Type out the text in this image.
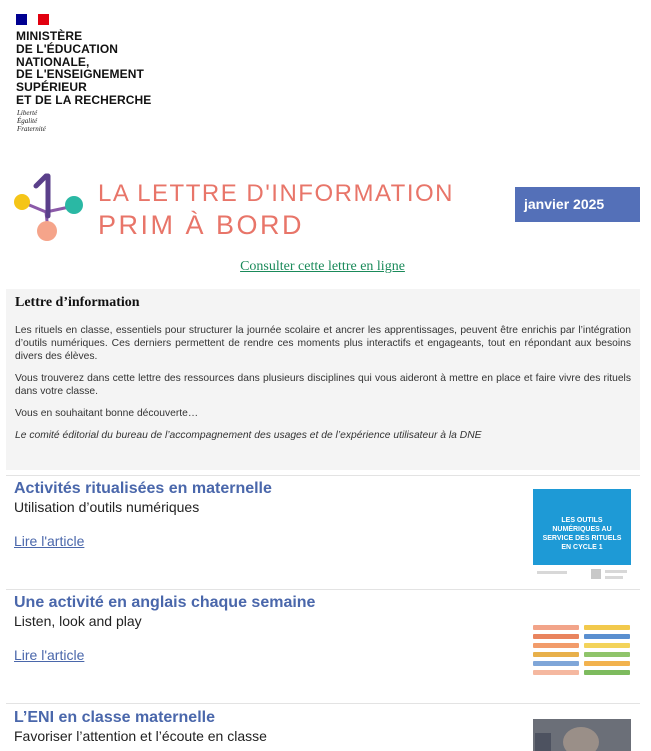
MINISTÈRE
DE L'ÉDUCATION
NATIONALE,
DE L'ENSEIGNEMENT
SUPÉRIEUR
ET DE LA RECHERCHE
Liberté
Égalité
Fraternité
LA LETTRE D'INFORMATION
PRIM À BORD
janvier 2025
Consulter cette lettre en ligne
Lettre d’information

Les rituels en classe, essentiels pour structurer la journée scolaire et ancrer les apprentissages, peuvent être enrichis par l’intégration d’outils numériques. Ces derniers permettent de rendre ces moments plus interactifs et engageants, tout en répondant aux besoins divers des élèves.

Vous trouverez dans cette lettre des ressources dans plusieurs disciplines qui vous aideront à mettre en place et faire vivre des rituels dans votre classe.

Vous en souhaitant bonne découverte…

Le comité éditorial du bureau de l’accompagnement des usages et de l’expérience utilisateur à la DNE

Activités ritualisées en maternelle
Utilisation d’outils numériques
Lire l'article
LES OUTILS NUMÉRIQUES AU SERVICE DES RITUELS EN CYCLE 1
Une activité en anglais chaque semaine
Listen, look and play
Lire l'article
L’ENI en classe maternelle
Favoriser l’attention et l’écoute en classe
